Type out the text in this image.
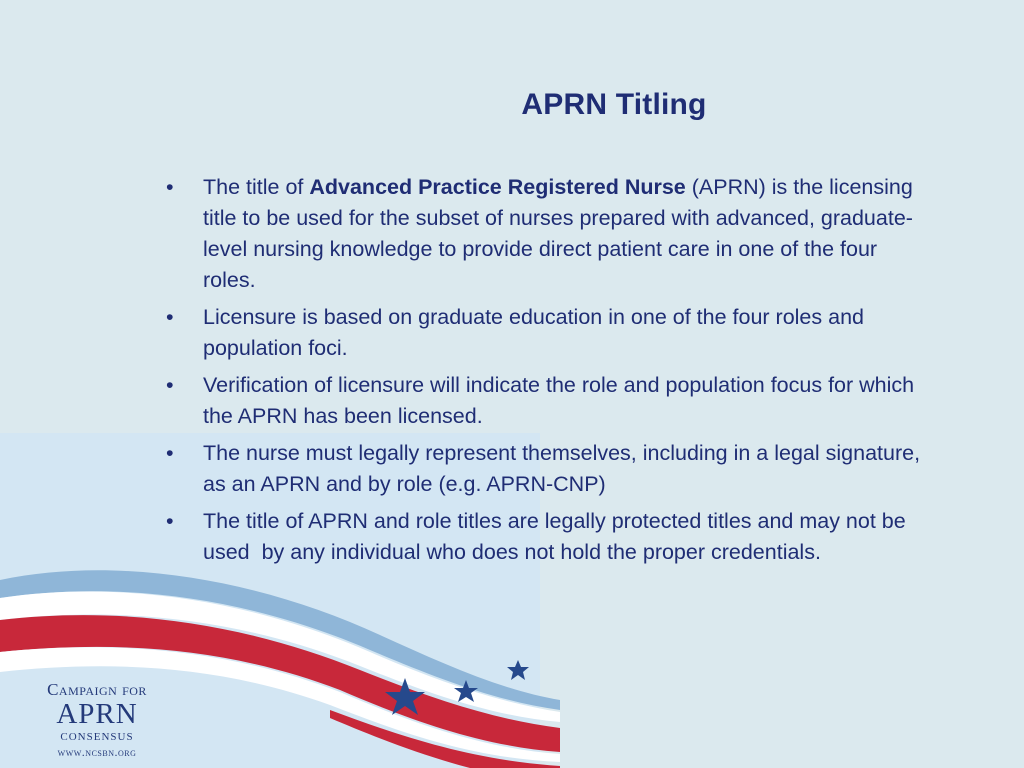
APRN Titling
• The title of Advanced Practice Registered Nurse (APRN) is the licensing title to be used for the subset of nurses prepared with advanced, graduate-level nursing knowledge to provide direct patient care in one of the four roles.
• Licensure is based on graduate education in one of the four roles and population foci.
• Verification of licensure will indicate the role and population focus for which the APRN has been licensed.
• The nurse must legally represent themselves, including in a legal signature, as an APRN and by role (e.g. APRN-CNP)
• The title of APRN and role titles are legally protected titles and may not be used  by any individual who does not hold the proper credentials.
Campaign for
APRN
consensus
www.ncsbn.org
